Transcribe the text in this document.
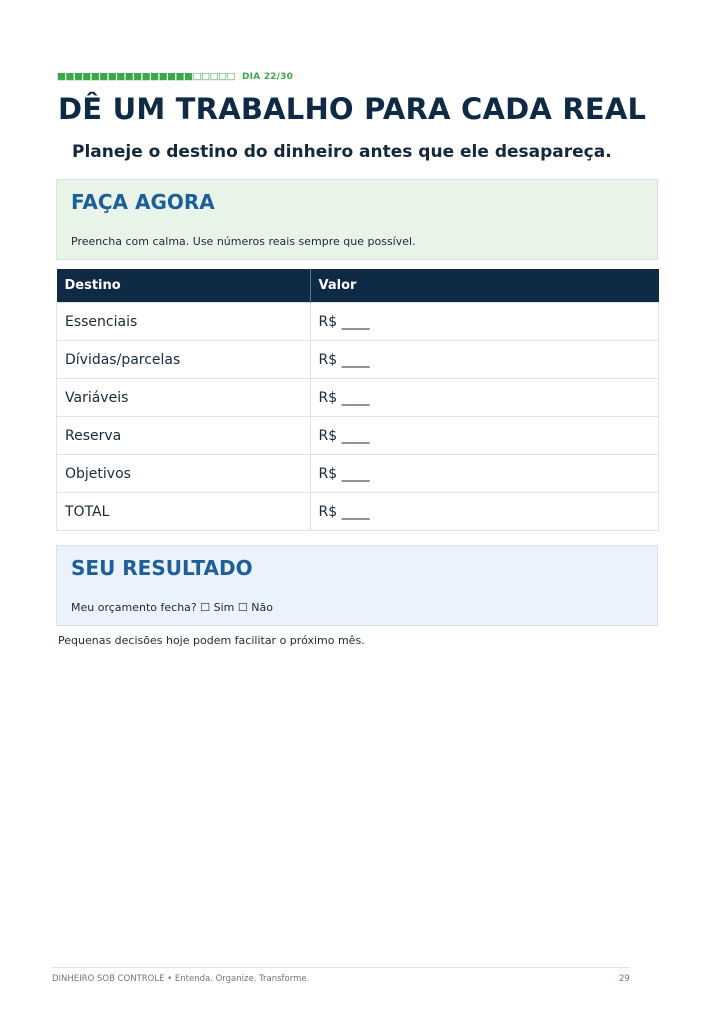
■■■■■■■■■■■■■■■■□□□□□ DIA 22/30
DÊ UM TRABALHO PARA CADA REAL

Planeje o destino do dinheiro antes que ele desapareça.

FAÇA AGORA

Preencha com calma. Use números reais sempre que possível.

Destino	Valor
Essenciais	R$ ____
Dívidas/parcelas	R$ ____
Variáveis	R$ ____
Reserva	R$ ____
Objetivos	R$ ____
TOTAL	R$ ____
SEU RESULTADO

Meu orçamento fecha? ☐ Sim ☐ Não

Pequenas decisões hoje podem facilitar o próximo mês.

DINHEIRO SOB CONTROLE • Entenda. Organize. Transforme.	29
